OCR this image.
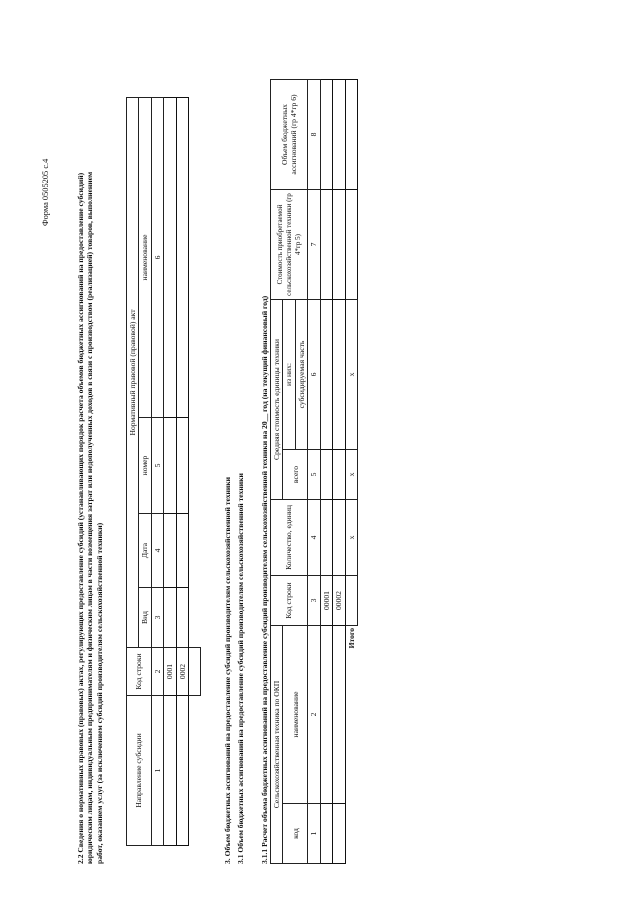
Форма 0505205 с.4	2.2 Сведения о нормативных правовых (правовых) актах, регулирующих предоставление субсидий (устанавливающих порядок расчета объемов бюджетных ассигнований на предоставление субсидий) юридическим лицам, индивидуальным предпринимателям и физическим лицам в части возмещения затрат или недополученных доходов в связи с производством (реализацией) товаров, выполнением работ, оказанием услуг (за исключением субсидий производителям сельскохозяйственной техники)	Направление субсидии	Код строки	Нормативный правовой (правовой) акт				
		Вид	Дата	номер	наименование	
1	2	3	4	5	6	
	0001					
	0002					
							3. Объем бюджетных ассигнований на предоставление субсидий производителям сельскохозяйственной техники 3.1 Объем бюджетных ассигнований на предоставление субсидий производителям сельскохозяйственной техники 3.1.1 Расчет объема бюджетных ассигнований на предоставление субсидий производителям сельскохозяйственной техники на 20__ год (на текущий финансовый год) Сельскохозяйственная техника по ОКП		Код строки	Количество, единиц	Средняя стоимость единицы техники		Стоимость приобретаемой сельскохозяйственной техники (гр 4*гр 5)	Объем бюджетных ассигнований (гр 4*гр 6)
код	наименование			всего	из них:		
					субсидируемая часть		
1	2	3	4	5	6	7	8
		00001					
		00002					
Итого			x	x	x		
